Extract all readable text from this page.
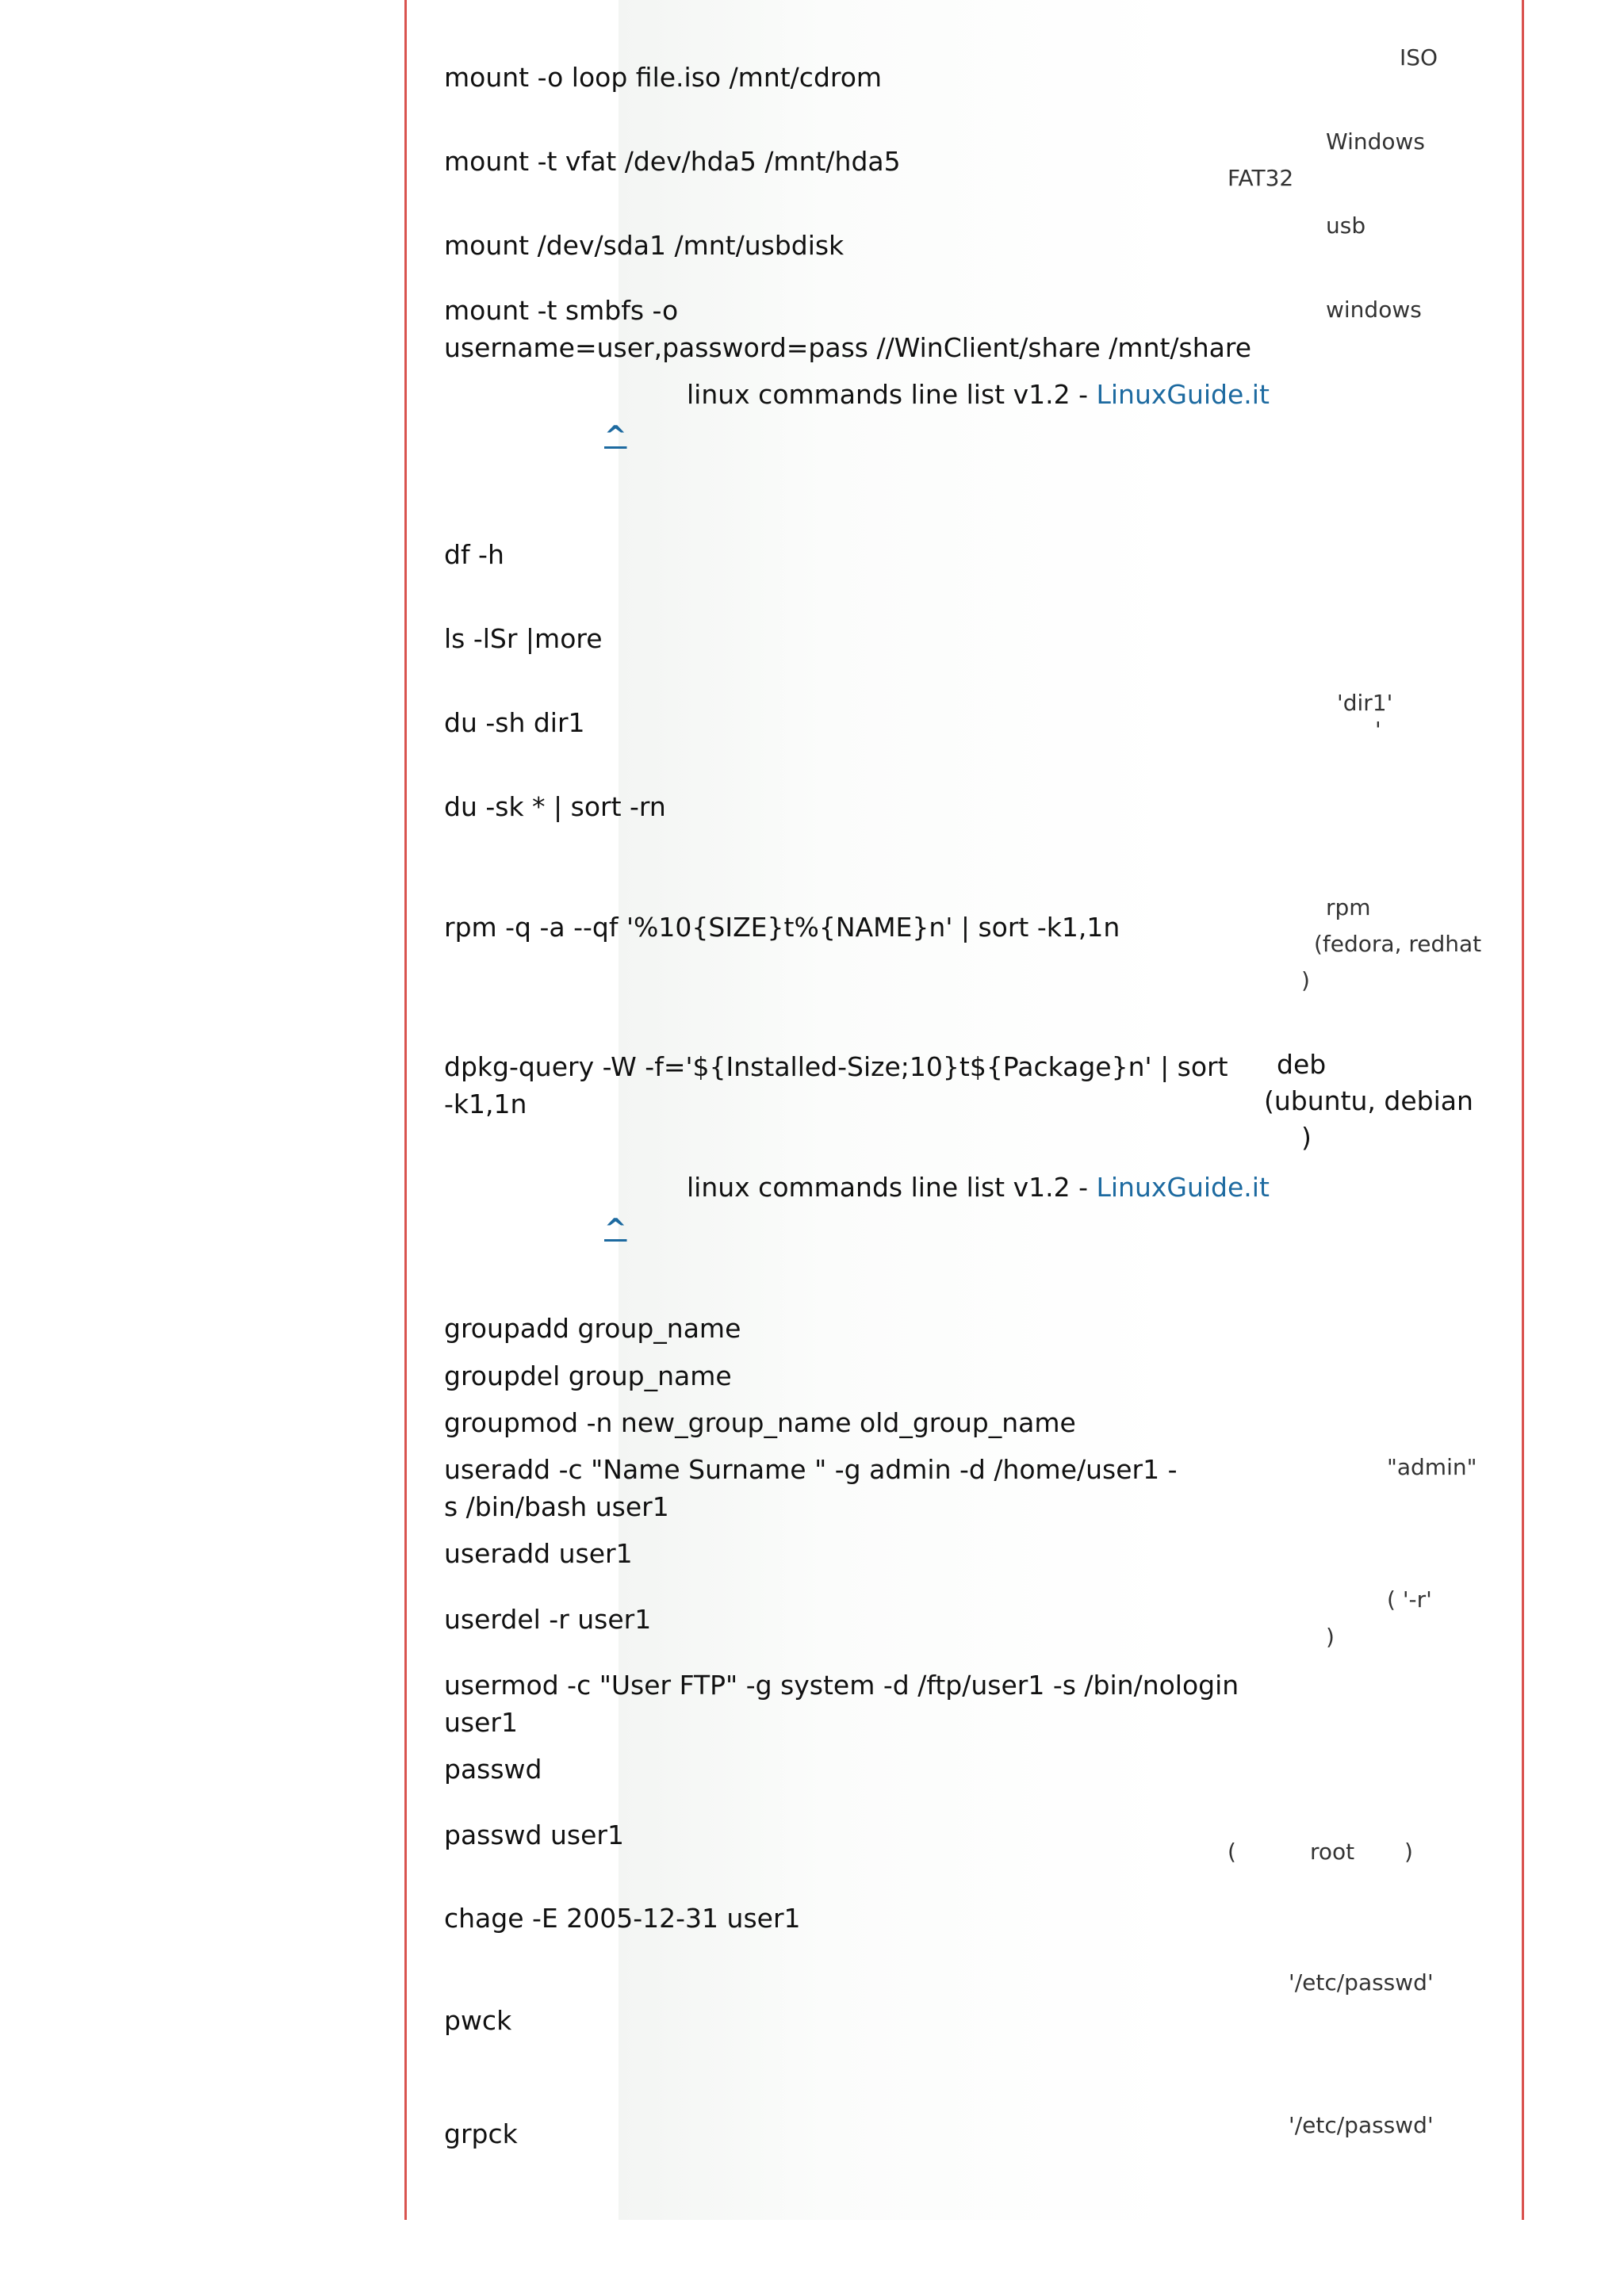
mount -o loop file.iso /mnt/cdrom
ISO
mount -t vfat /dev/hda5 /mnt/hda5
Windows
FAT32
mount /dev/sda1 /mnt/usbdisk
usb
mount -t smbfs -o
username=user,password=pass //WinClient/share /mnt/share
windows
linux commands line list v1.2 - LinuxGuide.it
^
df -h
ls -lSr |more
du -sh dir1
'dir1'
'
du -sk * | sort -rn
rpm -q -a --qf '%10{SIZE}t%{NAME}n' | sort -k1,1n
rpm
(fedora, redhat
)
dpkg-query -W -f='${Installed-Size;10}t${Package}n' | sort
-k1,1n
deb
(ubuntu, debian
)
linux commands line list v1.2 - LinuxGuide.it
^
groupadd group_name
groupdel group_name
groupmod -n new_group_name old_group_name
useradd -c "Name Surname " -g admin -d /home/user1 -
s /bin/bash user1
"admin"
useradd user1
userdel -r user1
( '-r'
)
usermod -c "User FTP" -g system -d /ftp/user1 -s /bin/nologin
user1
passwd
passwd user1
(	root )
chage -E 2005-12-31 user1
pwck
'/etc/passwd'
grpck	'/etc/passwd'
